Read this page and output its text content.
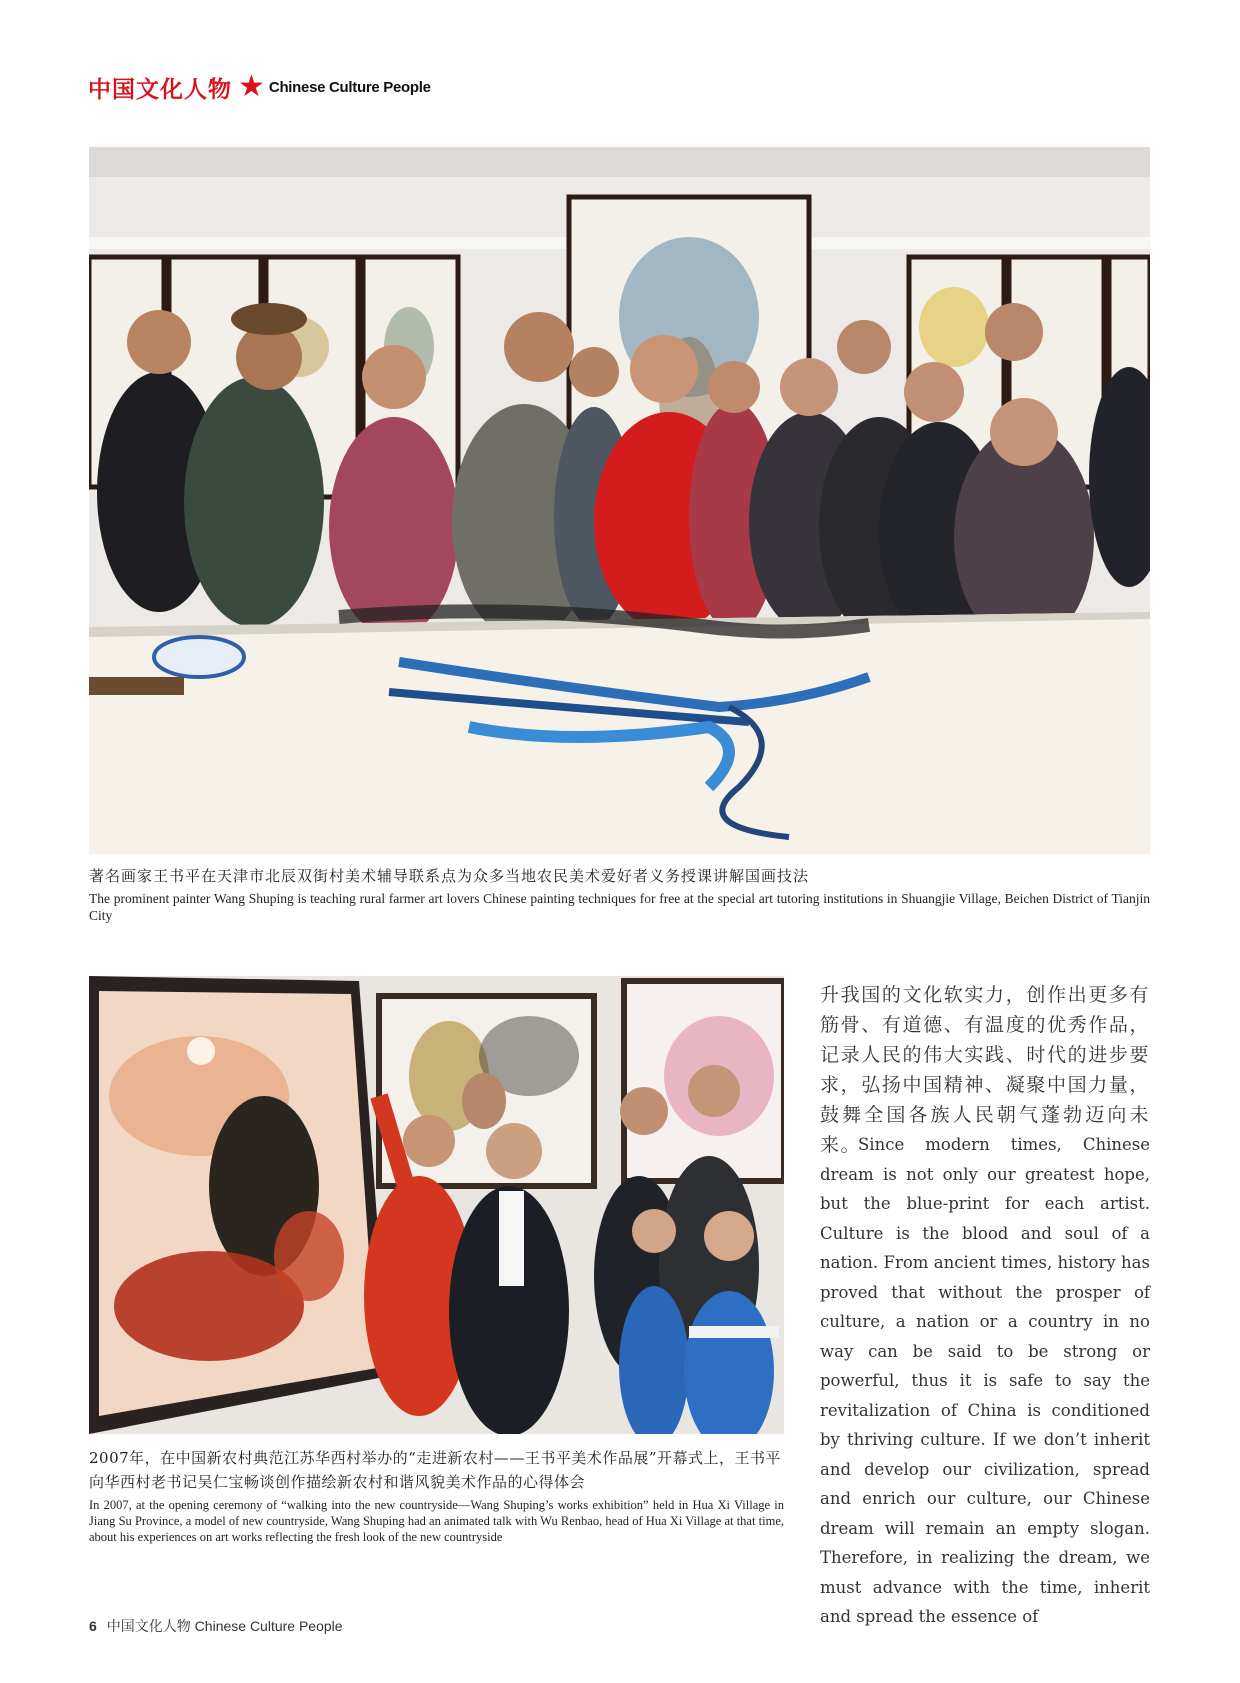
中国文化人物 ★ Chinese Culture People
著名画家王书平在天津市北辰双街村美术辅导联系点为众多当地农民美术爱好者义务授课讲解国画技法
The prominent painter Wang Shuping is teaching rural farmer art lovers Chinese painting techniques for free at the special art tutoring institutions in Shuangjie Village, Beichen District of Tianjin City
2007年，在中国新农村典范江苏华西村举办的“走进新农村——王书平美术作品展”开幕式上，王书平向华西村老书记吴仁宝畅谈创作描绘新农村和谐风貌美术作品的心得体会
In 2007, at the opening ceremony of “walking into the new countryside—Wang Shuping’s works exhibition” held in Hua Xi Village in Jiang Su Province, a model of new countryside, Wang Shuping had an animated talk with Wu Renbao, head of Hua Xi Village at that time, about his experiences on art works reflecting the fresh look of the new countryside
升我国的文化软实力，创作出更多有筋骨、有道德、有温度的优秀作品，记录人民的伟大实践、时代的进步要求，弘扬中国精神、凝聚中国力量，鼓舞全国各族人民朝气蓬勃迈向未来。
Since modern times, Chinese dream is not only our greatest hope, but the blue-print for each artist. Culture is the blood and soul of a nation. From ancient times, history has proved that without the prosper of culture, a nation or a country in no way can be said to be strong or powerful, thus it is safe to say the revitalization of China is conditioned by thriving culture. If we don’t inherit and develop our civilization, spread and enrich our culture, our Chinese dream will remain an empty slogan. Therefore, in realizing the dream, we must advance with the time, inherit and spread the essence of
6 中国文化人物 Chinese Culture People
